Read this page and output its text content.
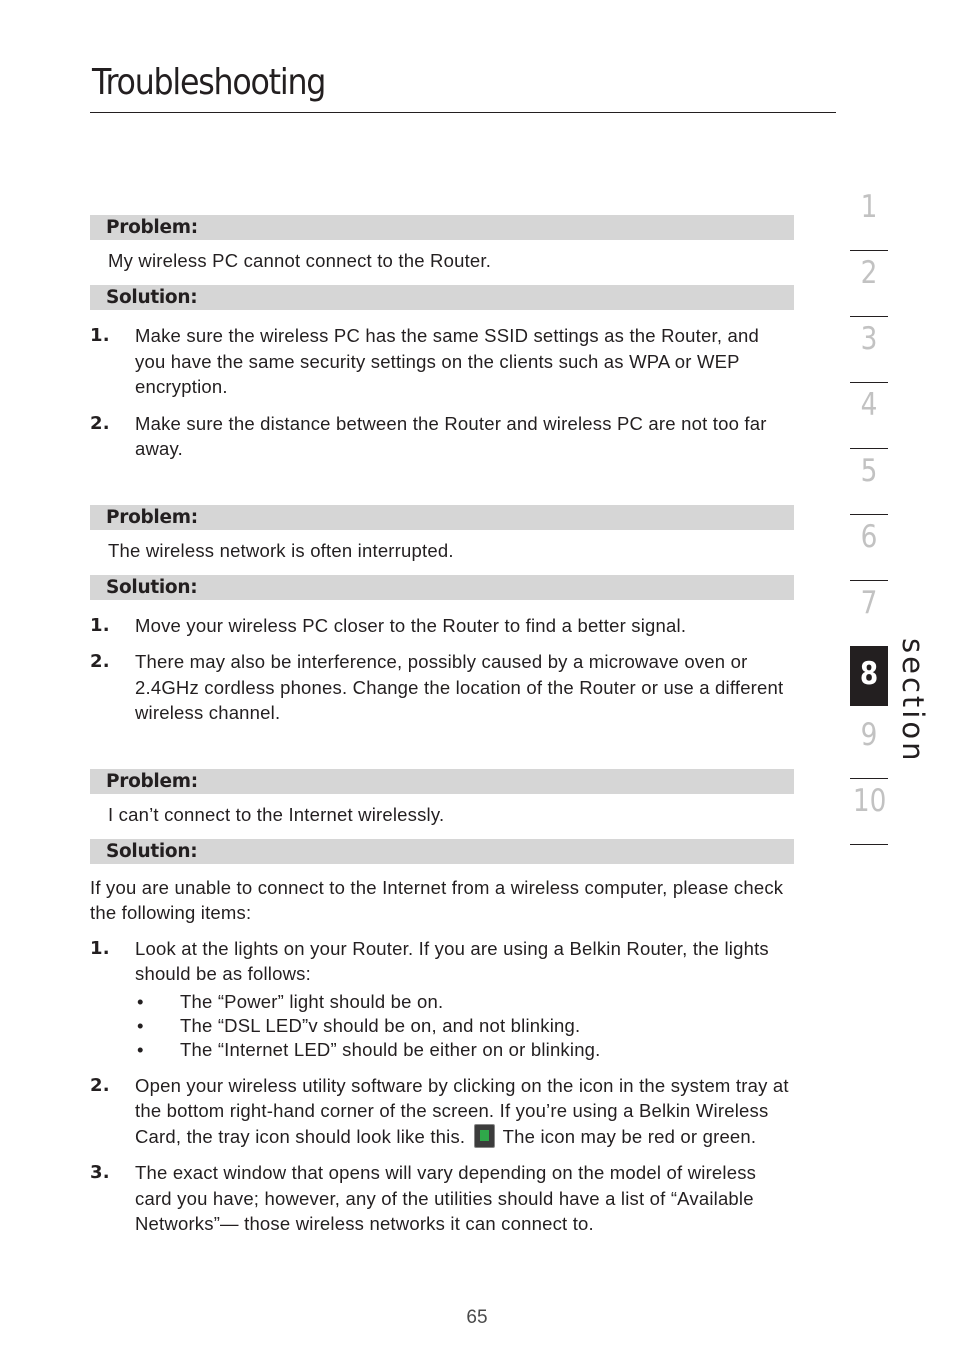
Troubleshooting
Problem:
My wireless PC cannot connect to the Router.
Solution:
1. Make sure the wireless PC has the same SSID settings as the Router, and you have the same security settings on the clients such as WPA or WEP encryption.
2. Make sure the distance between the Router and wireless PC are not too far away.
Problem:
The wireless network is often interrupted.
Solution:
1. Move your wireless PC closer to the Router to find a better signal.
2. There may also be interference, possibly caused by a microwave oven or 2.4GHz cordless phones. Change the location of the Router or use a different wireless channel.
Problem:
I can’t connect to the Internet wirelessly.
Solution:

If you are unable to connect to the Internet from a wireless computer, please check the following items:

1. Look at the lights on your Router. If you are using a Belkin Router, the lights should be as follows:
• The “Power” light should be on.
• The “DSL LED”v should be on, and not blinking.
• The “Internet LED” should be either on or blinking.
2. Open your wireless utility software by clicking on the icon in the system tray at the bottom right-hand corner of the screen. If you’re using a Belkin Wireless Card, the tray icon should look like this. The icon may be red or green.
3. The exact window that opens will vary depending on the model of wireless card you have; however, any of the utilities should have a list of “Available Networks”— those wireless networks it can connect to.
1
2
3
4
5
6
7
8
9
10
section
65
